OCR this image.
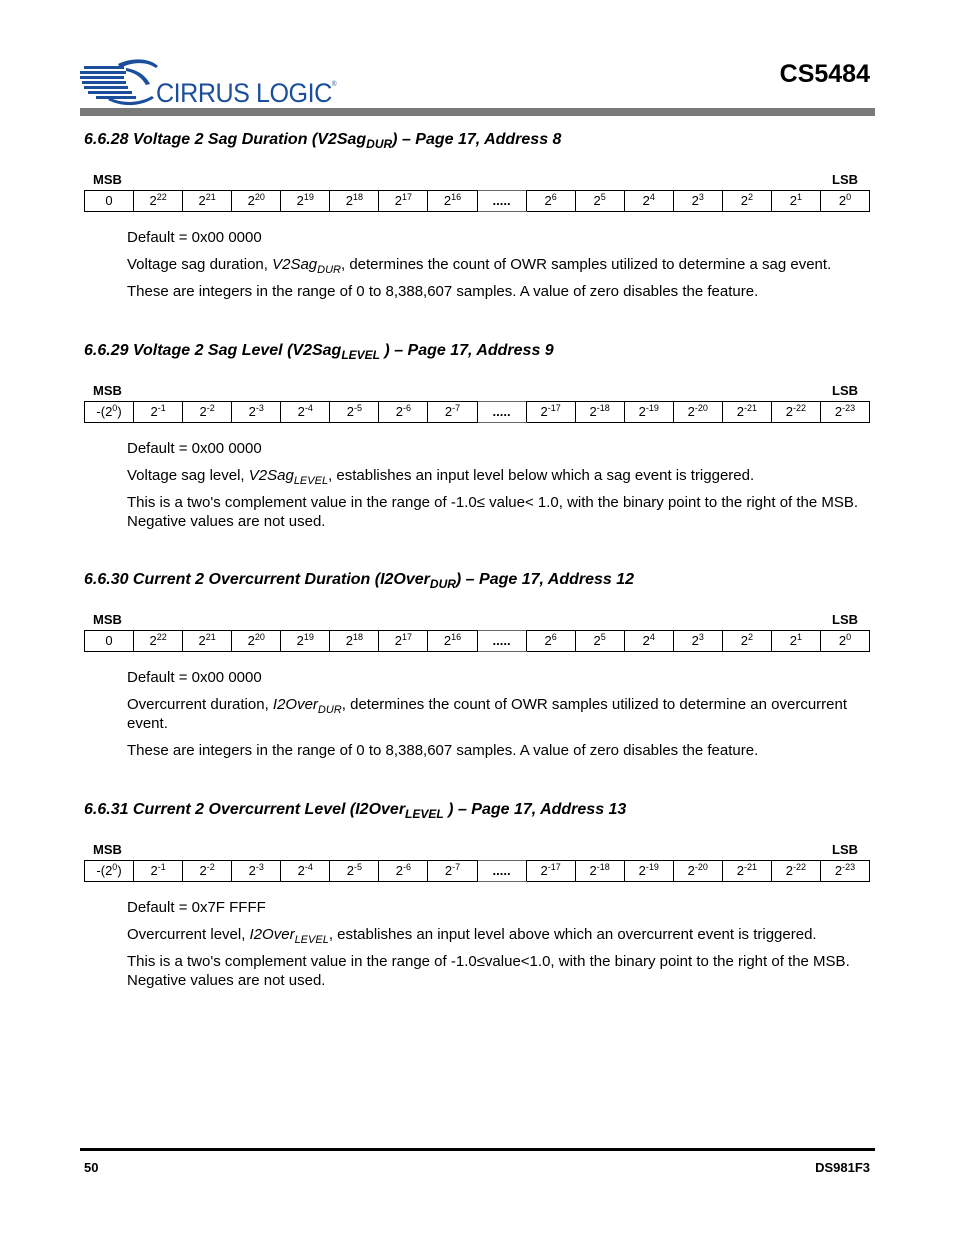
CIRRUS LOGIC®	CS5484
6.6.28 Voltage 2 Sag Duration (V2Sag$_{DUR}$) – Page 17, Address 8
MSB	LSB
0	$2^{22}$	$2^{21}$	$2^{20}$	$2^{19}$	$2^{18}$	$2^{17}$	$2^{16}$	.....	$2^6$	$2^5$	$2^4$	$2^3$	$2^2$	$2^1$	$2^0$

Default = 0x00 0000

Voltage sag duration, V2Sag$_{DUR}$, determines the count of OWR samples utilized to determine a sag event.

These are integers in the range of 0 to 8,388,607 samples. A value of zero disables the feature.

6.6.29 Voltage 2 Sag Level (V2Sag$_{LEVEL}$ ) – Page 17, Address 9
MSB	LSB
$-(2^0)$	$2^{-1}$	$2^{-2}$	$2^{-3}$	$2^{-4}$	$2^{-5}$	$2^{-6}$	$2^{-7}$	.....	$2^{-17}$	$2^{-18}$	$2^{-19}$	$2^{-20}$	$2^{-21}$	$2^{-22}$	$2^{-23}$

Default = 0x00 0000

Voltage sag level, V2Sag$_{LEVEL}$, establishes an input level below which a sag event is triggered.

This is a two's complement value in the range of -1.0≤ value< 1.0, with the binary point to the right of the MSB. Negative values are not used.

6.6.30 Current 2 Overcurrent Duration (I2Over$_{DUR}$) – Page 17, Address 12
MSB	LSB
0	$2^{22}$	$2^{21}$	$2^{20}$	$2^{19}$	$2^{18}$	$2^{17}$	$2^{16}$	.....	$2^6$	$2^5$	$2^4$	$2^3$	$2^2$	$2^1$	$2^0$

Default = 0x00 0000

Overcurrent duration, I2Over$_{DUR}$, determines the count of OWR samples utilized to determine an overcurrent event.

These are integers in the range of 0 to 8,388,607 samples. A value of zero disables the feature.

6.6.31 Current 2 Overcurrent Level (I2Over$_{LEVEL}$ ) – Page 17, Address 13
MSB	LSB
$-(2^0)$	$2^{-1}$	$2^{-2}$	$2^{-3}$	$2^{-4}$	$2^{-5}$	$2^{-6}$	$2^{-7}$	.....	$2^{-17}$	$2^{-18}$	$2^{-19}$	$2^{-20}$	$2^{-21}$	$2^{-22}$	$2^{-23}$

Default = 0x7F FFFF

Overcurrent level, I2Over$_{LEVEL}$, establishes an input level above which an overcurrent event is triggered.

This is a two's complement value in the range of -1.0≤value<1.0, with the binary point to the right of the MSB. Negative values are not used.

50	DS981F3
